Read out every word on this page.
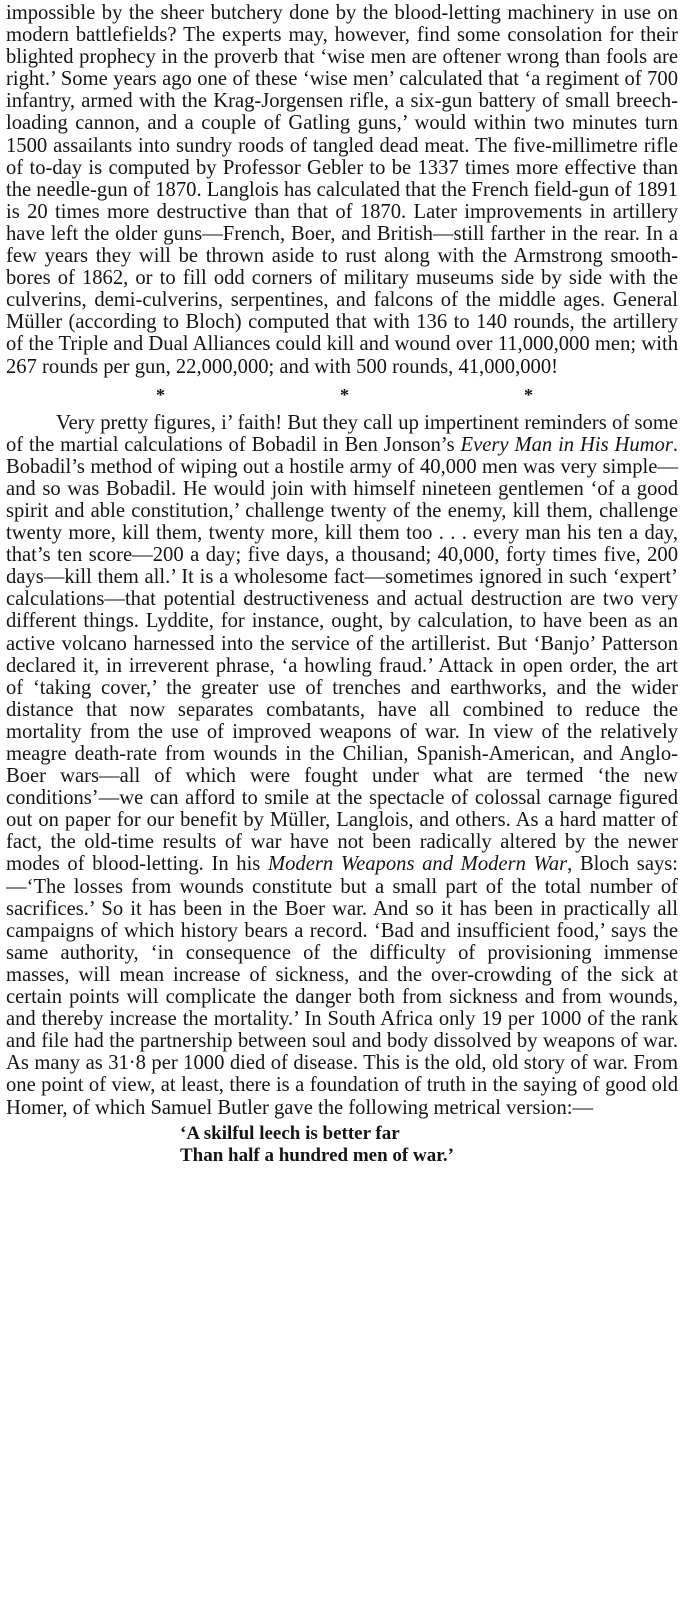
impossible by the sheer butchery done by the blood-letting machinery in use on modern battlefields? The experts may, however, find some consolation for their blighted prophecy in the proverb that ‘wise men are oftener wrong than fools are right.’ Some years ago one of these ‘wise men’ calculated that ‘a regiment of 700 infantry, armed with the Krag-Jorgensen rifle, a six-gun battery of small breech-loading cannon, and a couple of Gatling guns,’ would within two minutes turn 1500 assailants into sundry roods of tangled dead meat. The five-millimetre rifle of to-day is computed by Professor Gebler to be 1337 times more effective than the needle-gun of 1870. Langlois has calculated that the French field-gun of 1891 is 20 times more destructive than that of 1870. Later improvements in artillery have left the older guns—French, Boer, and British—still farther in the rear. In a few years they will be thrown aside to rust along with the Armstrong smooth-bores of 1862, or to fill odd corners of military museums side by side with the culverins, demi-culverins, serpentines, and falcons of the middle ages. General Müller (according to Bloch) computed that with 136 to 140 rounds, the artillery of the Triple and Dual Alliances could kill and wound over 11,000,000 men; with 267 rounds per gun, 22,000,000; and with 500 rounds, 41,000,000!

*	*	*

Very pretty figures, i’ faith! But they call up impertinent reminders of some of the martial calculations of Bobadil in Ben Jonson’s Every Man in His Humor. Bobadil’s method of wiping out a hostile army of 40,000 men was very simple—and so was Bobadil. He would join with himself nineteen gentlemen ‘of a good spirit and able constitution,’ challenge twenty of the enemy, kill them, challenge twenty more, kill them, twenty more, kill them too . . . every man his ten a day, that’s ten score—200 a day; five days, a thousand; 40,000, forty times five, 200 days—kill them all.’ It is a wholesome fact—sometimes ignored in such ‘expert’ calculations—that potential destructiveness and actual destruction are two very different things. Lyddite, for instance, ought, by calculation, to have been as an active volcano harnessed into the service of the artillerist. But ‘Banjo’ Patterson declared it, in irreverent phrase, ‘a howling fraud.’ Attack in open order, the art of ‘taking cover,’ the greater use of trenches and earthworks, and the wider distance that now separates combatants, have all combined to reduce the mortality from the use of improved weapons of war. In view of the relatively meagre death-rate from wounds in the Chilian, Spanish-American, and Anglo-Boer wars—all of which were fought under what are termed ‘the new conditions’—we can afford to smile at the spectacle of colossal carnage figured out on paper for our benefit by Müller, Langlois, and others. As a hard matter of fact, the old-time results of war have not been radically altered by the newer modes of blood-letting. In his Modern Weapons and Modern War, Bloch says:—‘The losses from wounds constitute but a small part of the total number of sacrifices.’ So it has been in the Boer war. And so it has been in practically all campaigns of which history bears a record. ‘Bad and insufficient food,’ says the same authority, ‘in consequence of the difficulty of provisioning immense masses, will mean increase of sickness, and the over-crowding of the sick at certain points will complicate the danger both from sickness and from wounds, and thereby increase the mortality.’ In South Africa only 19 per 1000 of the rank and file had the partnership between soul and body dissolved by weapons of war. As many as 31·8 per 1000 died of disease. This is the old, old story of war. From one point of view, at least, there is a foundation of truth in the saying of good old Homer, of which Samuel Butler gave the following metrical version:—

‘A skilful leech is better far
Than half a hundred men of war.’
